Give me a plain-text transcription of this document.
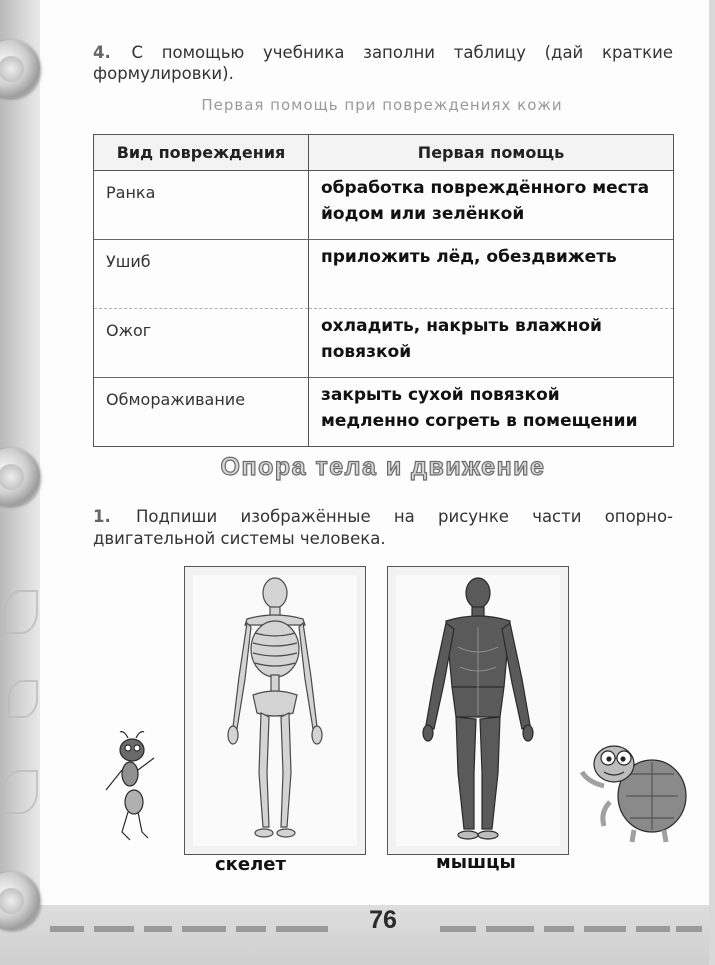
76
4. С помощью учебника заполни таблицу (дай краткие формулировки).
Первая помощь при повреждениях кожи
Вид повреждения	Первая помощь
Ранка	обработка повреждённого места
йодом или зелёнкой

Ушиб	приложить лёд, обездвижеть

Ожог	охладить, накрыть влажной
повязкой

Обмораживание	закрыть сухой повязкой
медленно согреть в помещении
Опора тела и движение
1. Подпиши изображённые на рисунке части опорно-двигательной системы человека.
скелет	мышцы
